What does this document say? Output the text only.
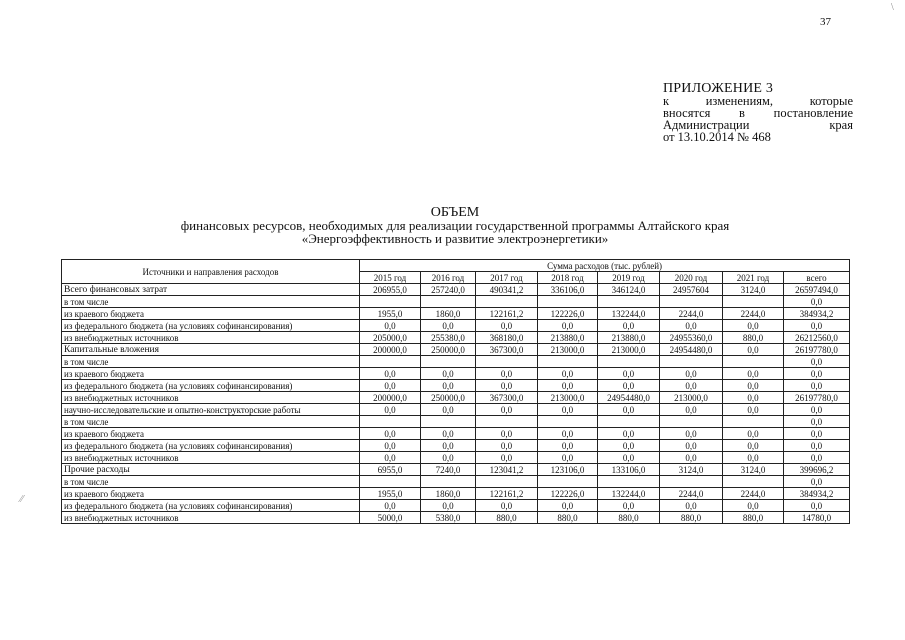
37
ПРИЛОЖЕНИЕ 3
к изменениям, которые
вносятся в постановление
Администрации края
от 13.10.2014 № 468
ОБЪЕМ
финансовых ресурсов, необходимых для реализации государственной программы Алтайского края
«Энергоэффективность и развитие электроэнергетики»
Источники и направления расходов	Сумма расходов (тыс. рублей)							
	2015 год	2016 год	2017 год	2018 год	2019 год	2020 год	2021 год	всего
Всего финансовых затрат	206955,0	257240,0	490341,2	336106,0	346124,0	24957604	3124,0	26597494,0
в том числе								0,0
из краевого бюджета	1955,0	1860,0	122161,2	122226,0	132244,0	2244,0	2244,0	384934,2
из федерального бюджета (на условиях софинансирования)	0,0	0,0	0,0	0,0	0,0	0,0	0,0	0,0
из внебюджетных источников	205000,0	255380,0	368180,0	213880,0	213880,0	24955360,0	880,0	26212560,0
Капитальные вложения	200000,0	250000,0	367300,0	213000,0	213000,0	24954480,0	0,0	26197780,0
в том числе								0,0
из краевого бюджета	0,0	0,0	0,0	0,0	0,0	0,0	0,0	0,0
из федерального бюджета (на условиях софинансирования)	0,0	0,0	0,0	0,0	0,0	0,0	0,0	0,0
из внебюджетных источников	200000,0	250000,0	367300,0	213000,0	24954480,0	213000,0	0,0	26197780,0
научно-исследовательские и опытно-конструкторские работы	0,0	0,0	0,0	0,0	0,0	0,0	0,0	0,0
в том числе								0,0
из краевого бюджета	0,0	0,0	0,0	0,0	0,0	0,0	0,0	0,0
из федерального бюджета (на условиях софинансирования)	0,0	0,0	0,0	0,0	0,0	0,0	0,0	0,0
из внебюджетных источников	0,0	0,0	0,0	0,0	0,0	0,0	0,0	0,0
Прочие расходы	6955,0	7240,0	123041,2	123106,0	133106,0	3124,0	3124,0	399696,2
в том числе								0,0
из краевого бюджета	1955,0	1860,0	122161,2	122226,0	132244,0	2244,0	2244,0	384934,2
из федерального бюджета (на условиях софинансирования)	0,0	0,0	0,0	0,0	0,0	0,0	0,0	0,0
из внебюджетных источников	5000,0	5380,0	880,0	880,0	880,0	880,0	880,0	14780,0
⁄⁄
\
